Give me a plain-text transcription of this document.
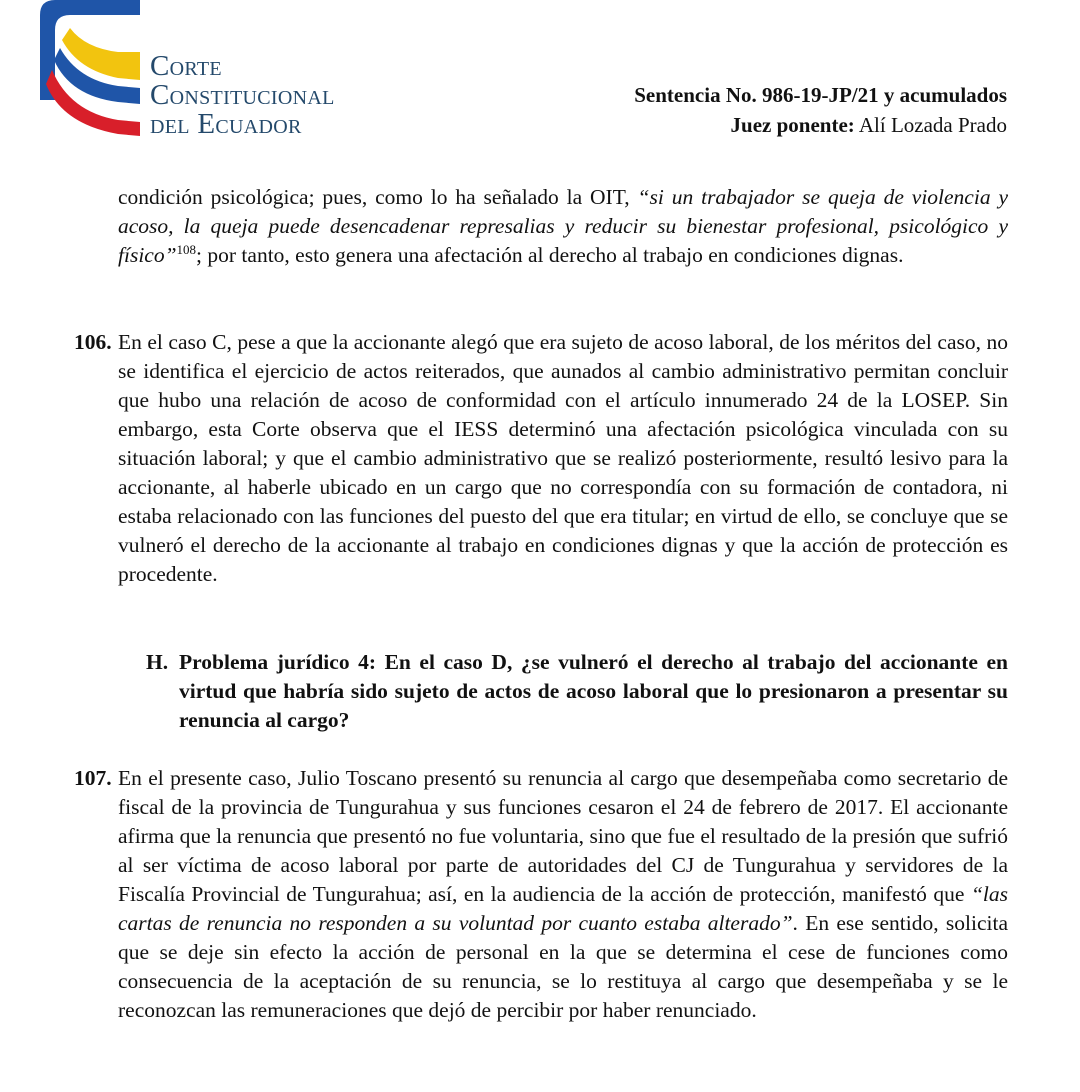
Corte
Constitucional
del Ecuador
Sentencia No. 986-19-JP/21 y acumulados
Juez ponente: Alí Lozada Prado

condición psicológica; pues, como lo ha señalado la OIT, “si un trabajador se queja de violencia y acoso, la queja puede desencadenar represalias y reducir su bienestar profesional, psicológico y físico”$^{108}$; por tanto, esto genera una afectación al derecho al trabajo en condiciones dignas.

106. En el caso C, pese a que la accionante alegó que era sujeto de acoso laboral, de los méritos del caso, no se identifica el ejercicio de actos reiterados, que aunados al cambio administrativo permitan concluir que hubo una relación de acoso de conformidad con el artículo innumerado 24 de la LOSEP. Sin embargo, esta Corte observa que el IESS determinó una afectación psicológica vinculada con su situación laboral; y que el cambio administrativo que se realizó posteriormente, resultó lesivo para la accionante, al haberle ubicado en un cargo que no correspondía con su formación de contadora, ni estaba relacionado con las funciones del puesto del que era titular; en virtud de ello, se concluye que se vulneró el derecho de la accionante al trabajo en condiciones dignas y que la acción de protección es procedente.

H. Problema jurídico 4: En el caso D, ¿se vulneró el derecho al trabajo del accionante en virtud que habría sido sujeto de actos de acoso laboral que lo presionaron a presentar su renuncia al cargo?
107. En el presente caso, Julio Toscano presentó su renuncia al cargo que desempeñaba como secretario de fiscal de la provincia de Tungurahua y sus funciones cesaron el 24 de febrero de 2017. El accionante afirma que la renuncia que presentó no fue voluntaria, sino que fue el resultado de la presión que sufrió al ser víctima de acoso laboral por parte de autoridades del CJ de Tungurahua y servidores de la Fiscalía Provincial de Tungurahua; así, en la audiencia de la acción de protección, manifestó que “las cartas de renuncia no responden a su voluntad por cuanto estaba alterado”. En ese sentido, solicita que se deje sin efecto la acción de personal en la que se determina el cese de funciones como consecuencia de la aceptación de su renuncia, se lo restituya al cargo que desempeñaba y se le reconozcan las remuneraciones que dejó de percibir por haber renunciado.
